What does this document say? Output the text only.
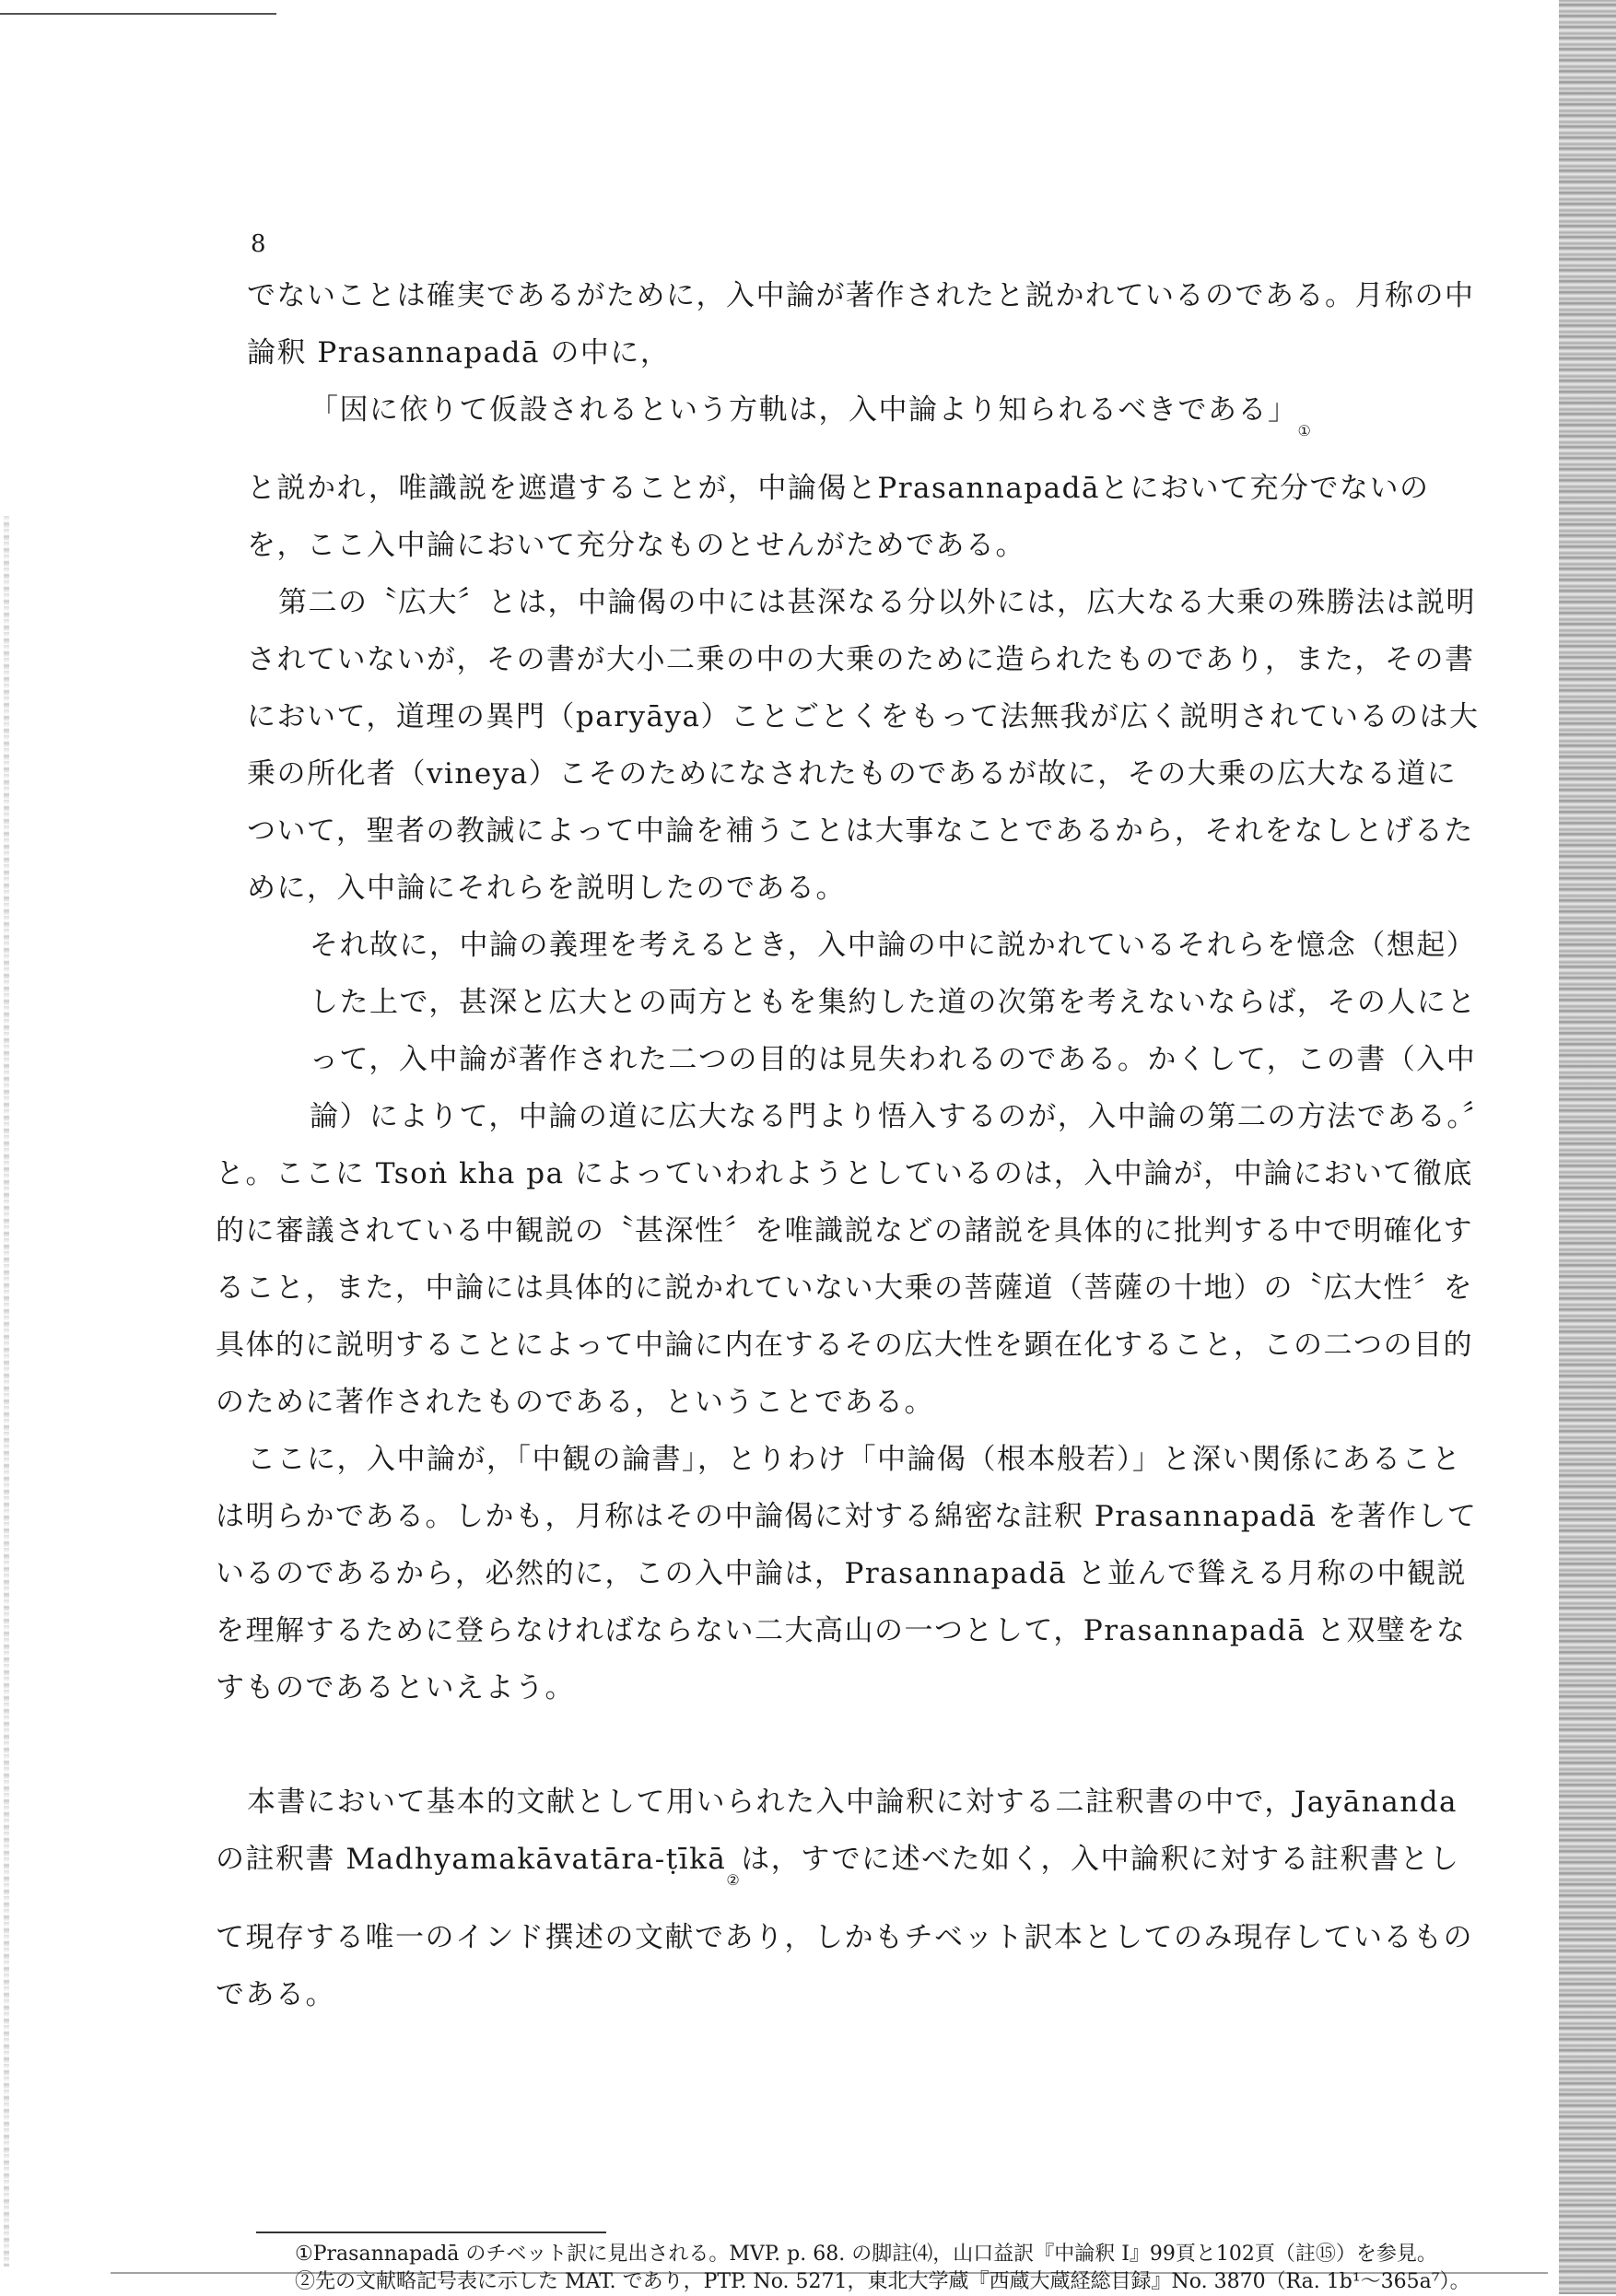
8

でないことは確実であるがために，入中論が著作されたと説かれているのである。月称の中論釈 Prasannapadā の中に，

「因に依りて仮設されるという方軌は，入中論より知られるべきである」①

と説かれ，唯識説を遮遣することが，中論偈とPrasannapadāとにおいて充分でないのを，ここ入中論において充分なものとせんがためである。

第二の〝広大〞とは，中論偈の中には甚深なる分以外には，広大なる大乗の殊勝法は説明されていないが，その書が大小二乗の中の大乗のために造られたものであり，また，その書において，道理の異門（paryāya）ことごとくをもって法無我が広く説明されているのは大乗の所化者（vineya）こそのためになされたものであるが故に，その大乗の広大なる道について，聖者の教誡によって中論を補うことは大事なことであるから，それをなしとげるために，入中論にそれらを説明したのである。

それ故に，中論の義理を考えるとき，入中論の中に説かれているそれらを憶念（想起）した上で，甚深と広大との両方ともを集約した道の次第を考えないならば，その人にとって，入中論が著作された二つの目的は見失われるのである。かくして，この書（入中論）によりて，中論の道に広大なる門より悟入するのが，入中論の第二の方法である。〞

と。ここに Tsoṅ kha pa によっていわれようとしているのは，入中論が，中論において徹底的に審議されている中観説の〝甚深性〞を唯識説などの諸説を具体的に批判する中で明確化すること，また，中論には具体的に説かれていない大乗の菩薩道（菩薩の十地）の〝広大性〞を具体的に説明することによって中論に内在するその広大性を顕在化すること，この二つの目的のために著作されたものである，ということである。

ここに，入中論が，「中観の論書」，とりわけ「中論偈（根本般若）」と深い関係にあることは明らかである。しかも，月称はその中論偈に対する綿密な註釈 Prasannapadā を著作しているのであるから，必然的に，この入中論は，Prasannapadā と並んで聳える月称の中観説を理解するために登らなければならない二大高山の一つとして，Prasannapadā と双璧をなすものであるといえよう。

本書において基本的文献として用いられた入中論釈に対する二註釈書の中で，Jayānandaの註釈書 Madhyamakāvatāra-ṭīkā②は，すでに述べた如く，入中論釈に対する註釈書として現存する唯一のインド撰述の文献であり，しかもチベット訳本としてのみ現存しているものである。

①Prasannapadā のチベット訳に見出される。MVP. p. 68. の脚註⑷，山口益訳『中論釈 I』99頁と102頁（註⑮）を参見。

②先の文献略記号表に示した MAT. であり，PTP. No. 5271，東北大学蔵『西蔵大蔵経総目録』No. 3870（Ra. 1b¹〜365a⁷）。
